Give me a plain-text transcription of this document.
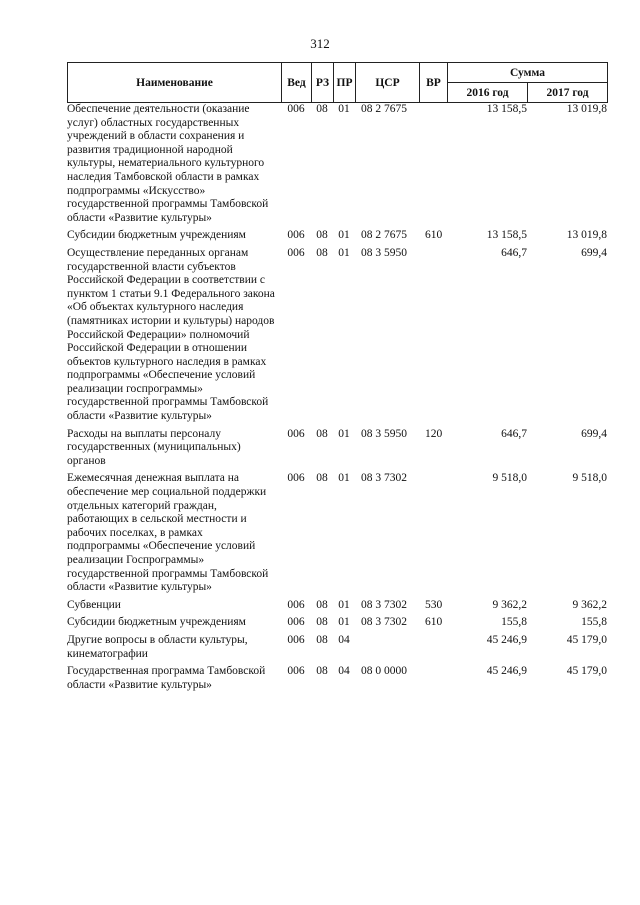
312
Наименование	Вед	РЗ	ПР	ЦСР	ВР	Сумма	
						2016 год	2017 год
Обеспечение деятельности (оказание услуг) областных государственных учреждений в области сохранения и развития традиционной народной культуры, нематериального культурного наследия Тамбовской области в рамках подпрограммы «Искусство» государственной программы Тамбовской области «Развитие культуры»	006	08	01	08 2 7675		13 158,5	13 019,8
Субсидии бюджетным учреждениям	006	08	01	08 2 7675	610	13 158,5	13 019,8
Осуществление переданных органам государственной власти субъектов Российской Федерации в соответствии с пунктом 1 статьи 9.1 Федерального закона «Об объектах культурного наследия (памятниках истории и культуры) народов Российской Федерации» полномочий Российской Федерации в отношении объектов культурного наследия в рамках подпрограммы «Обеспечение условий реализации госпрограммы» государственной программы Тамбовской области «Развитие культуры»	006	08	01	08 3 5950		646,7	699,4
Расходы на выплаты персоналу государственных (муниципальных) органов	006	08	01	08 3 5950	120	646,7	699,4
Ежемесячная денежная выплата на обеспечение мер социальной поддержки отдельных категорий граждан, работающих в сельской местности и рабочих поселках, в рамках подпрограммы «Обеспечение условий реализации Госпрограммы» государственной программы Тамбовской области «Развитие культуры»	006	08	01	08 3 7302		9 518,0	9 518,0
Субвенции	006	08	01	08 3 7302	530	9 362,2	9 362,2
Субсидии бюджетным учреждениям	006	08	01	08 3 7302	610	155,8	155,8
Другие вопросы в области культуры, кинематографии	006	08	04			45 246,9	45 179,0
Государственная программа Тамбовской области «Развитие культуры»	006	08	04	08 0 0000		45 246,9	45 179,0
